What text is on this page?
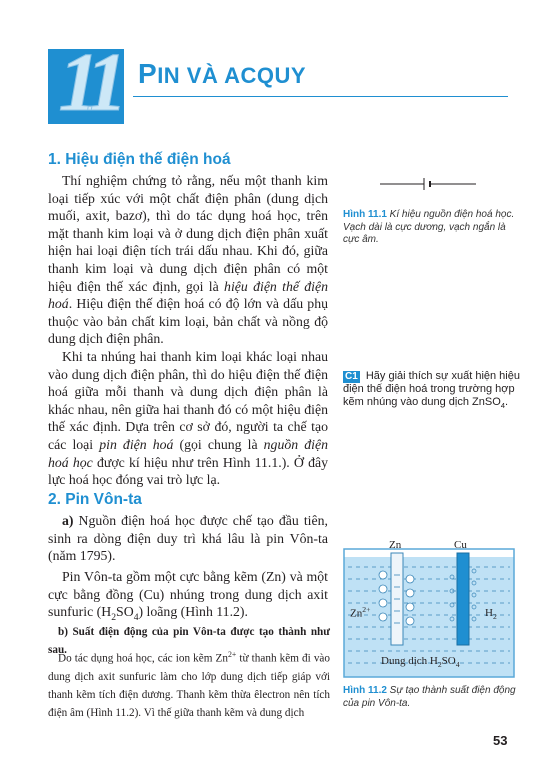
11 PIN VÀ ACQUY
1. Hiệu điện thế điện hoá

Thí nghiệm chứng tỏ rằng, nếu một thanh kim loại tiếp xúc với một chất điện phân (dung dịch muối, axit, bazơ), thì do tác dụng hoá học, trên mặt thanh kim loại và ở dung dịch điện phân xuất hiện hai loại điện tích trái dấu nhau. Khi đó, giữa thanh kim loại và dung dịch điện phân có một hiệu điện thế xác định, gọi là hiệu điện thế điện hoá. Hiệu điện thế điện hoá có độ lớn và dấu phụ thuộc vào bản chất kim loại, bản chất và nồng độ dung dịch điện phân.

Khi ta nhúng hai thanh kim loại khác loại nhau vào dung dịch điện phân, thì do hiệu điện thế điện hoá giữa mỗi thanh và dung dịch điện phân là khác nhau, nên giữa hai thanh đó có một hiệu điện thế xác định. Dựa trên cơ sở đó, người ta chế tạo các loại pin điện hoá (gọi chung là nguồn điện hoá học được kí hiệu như trên Hình 11.1.). Ở đây lực hoá học đóng vai trò lực lạ.

2. Pin Vôn-ta

a) Nguồn điện hoá học được chế tạo đầu tiên, sinh ra dòng điện duy trì khá lâu là pin Vôn-ta (năm 1795).

Pin Vôn-ta gồm một cực bằng kẽm (Zn) và một cực bằng đồng (Cu) nhúng trong dung dịch axit sunfuric $(H_2SO_4)$ loãng (Hình 11.2).

b) Suất điện động của pin Vôn-ta được tạo thành như sau.

Do tác dụng hoá học, các ion kẽm $Zn^{2+}$ từ thanh kẽm đi vào dung dịch axit sunfuric làm cho lớp dung dịch tiếp giáp với thanh kẽm tích điện dương. Thanh kẽm thừa êlectron nên tích điện âm (Hình 11.2). Vì thế giữa thanh kẽm và dung dịch

Hình 11.1 Kí hiệu nguồn điện hoá học. Vạch dài là cực dương, vạch ngắn là cực âm.
C1 Hãy giải thích sự xuất hiện hiệu điện thế điện hoá trong trường hợp kẽm nhúng vào dung dịch ZnSO$_4$.
Zn	Cu
$Zn^{2+}$	$H_2$
Dung dịch $H_2SO_4$
Hình 11.2 Sự tạo thành suất điện động của pin Vôn-ta.
53
